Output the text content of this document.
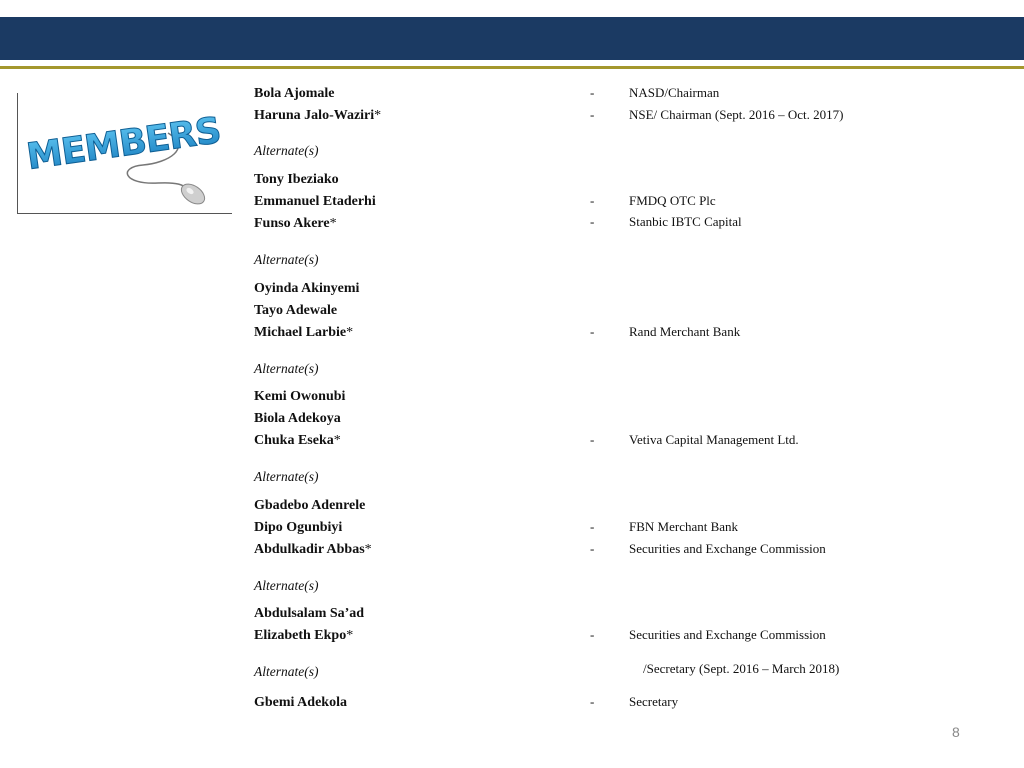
MEMBERS
Bola Ajomale	-	NASD/Chairman
Haruna Jalo-Waziri*	-	NSE/ Chairman (Sept. 2016 – Oct. 2017)
Alternate(s)
Tony Ibeziako
Emmanuel Etaderhi	-	FMDQ OTC Plc
Funso Akere*	-	Stanbic IBTC Capital
Alternate(s)
Oyinda Akinyemi
Tayo Adewale
Michael Larbie*	-	Rand Merchant Bank
Alternate(s)
Kemi Owonubi
Biola Adekoya
Chuka Eseka*	-	Vetiva Capital Management Ltd.
Alternate(s)
Gbadebo Adenrele
Dipo Ogunbiyi	-	FBN Merchant Bank
Abdulkadir Abbas*	-	Securities and Exchange Commission
Alternate(s)
Abdulsalam Sa’ad
Elizabeth Ekpo*	-	Securities and Exchange Commission
Alternate(s)	/Secretary (Sept. 2016 – March 2018)
Gbemi Adekola	-	Secretary
8
